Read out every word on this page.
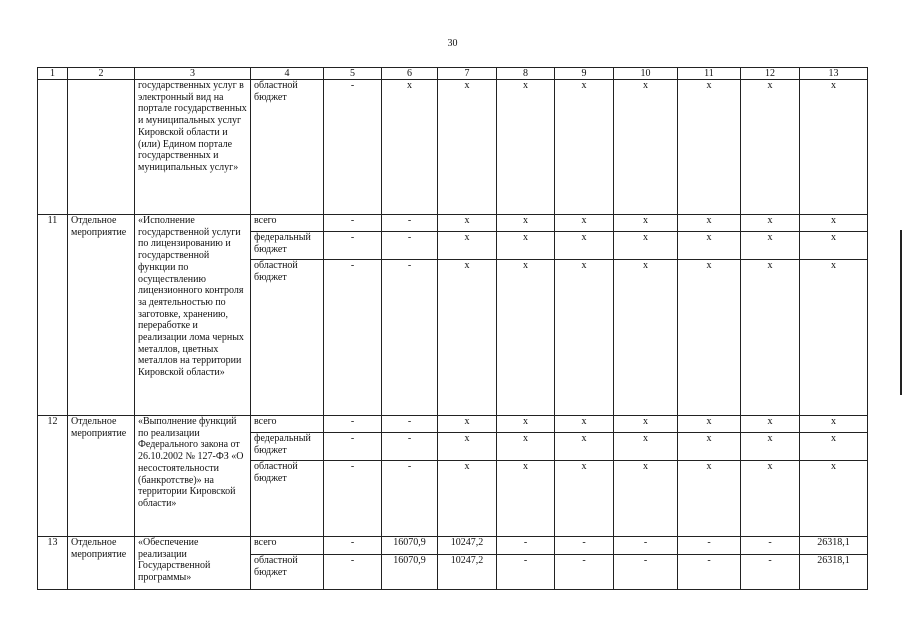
30
1	2	3	4	5	6	7	8	9	10	11	12	13
		государственных услуг в электронный вид на портале государственных и муниципальных услуг Кировской области и (или) Едином портале государственных и муниципальных услуг»	областной бюджет	-	x	x	x	x	x	x	x	x
11	Отдельное мероприятие	«Исполнение государственной услуги по лицензированию и государственной функции по осуществлению лицензионного контроля за деятельностью по заготовке, хранению, переработке и реализации лома черных металлов, цветных металлов на территории Кировской области»	всего	-	-	x	x	x	x	x	x	x
			федеральный бюджет	-	-	x	x	x	x	x	x	x
			областной бюджет	-	-	x	x	x	x	x	x	x
12	Отдельное мероприятие	«Выполнение функций по реализации Федерального закона от 26.10.2002 № 127-ФЗ «О несостоятельности (банкротстве)» на территории Кировской области»	всего	-	-	x	x	x	x	x	x	x
			федеральный бюджет	-	-	x	x	x	x	x	x	x
			областной бюджет	-	-	x	x	x	x	x	x	x
13	Отдельное мероприятие	«Обеспечение реализации Государственной программы»	всего	-	16070,9	10247,2	-	-	-	-	-	26318,1
			областной бюджет	-	16070,9	10247,2	-	-	-	-	-	26318,1
